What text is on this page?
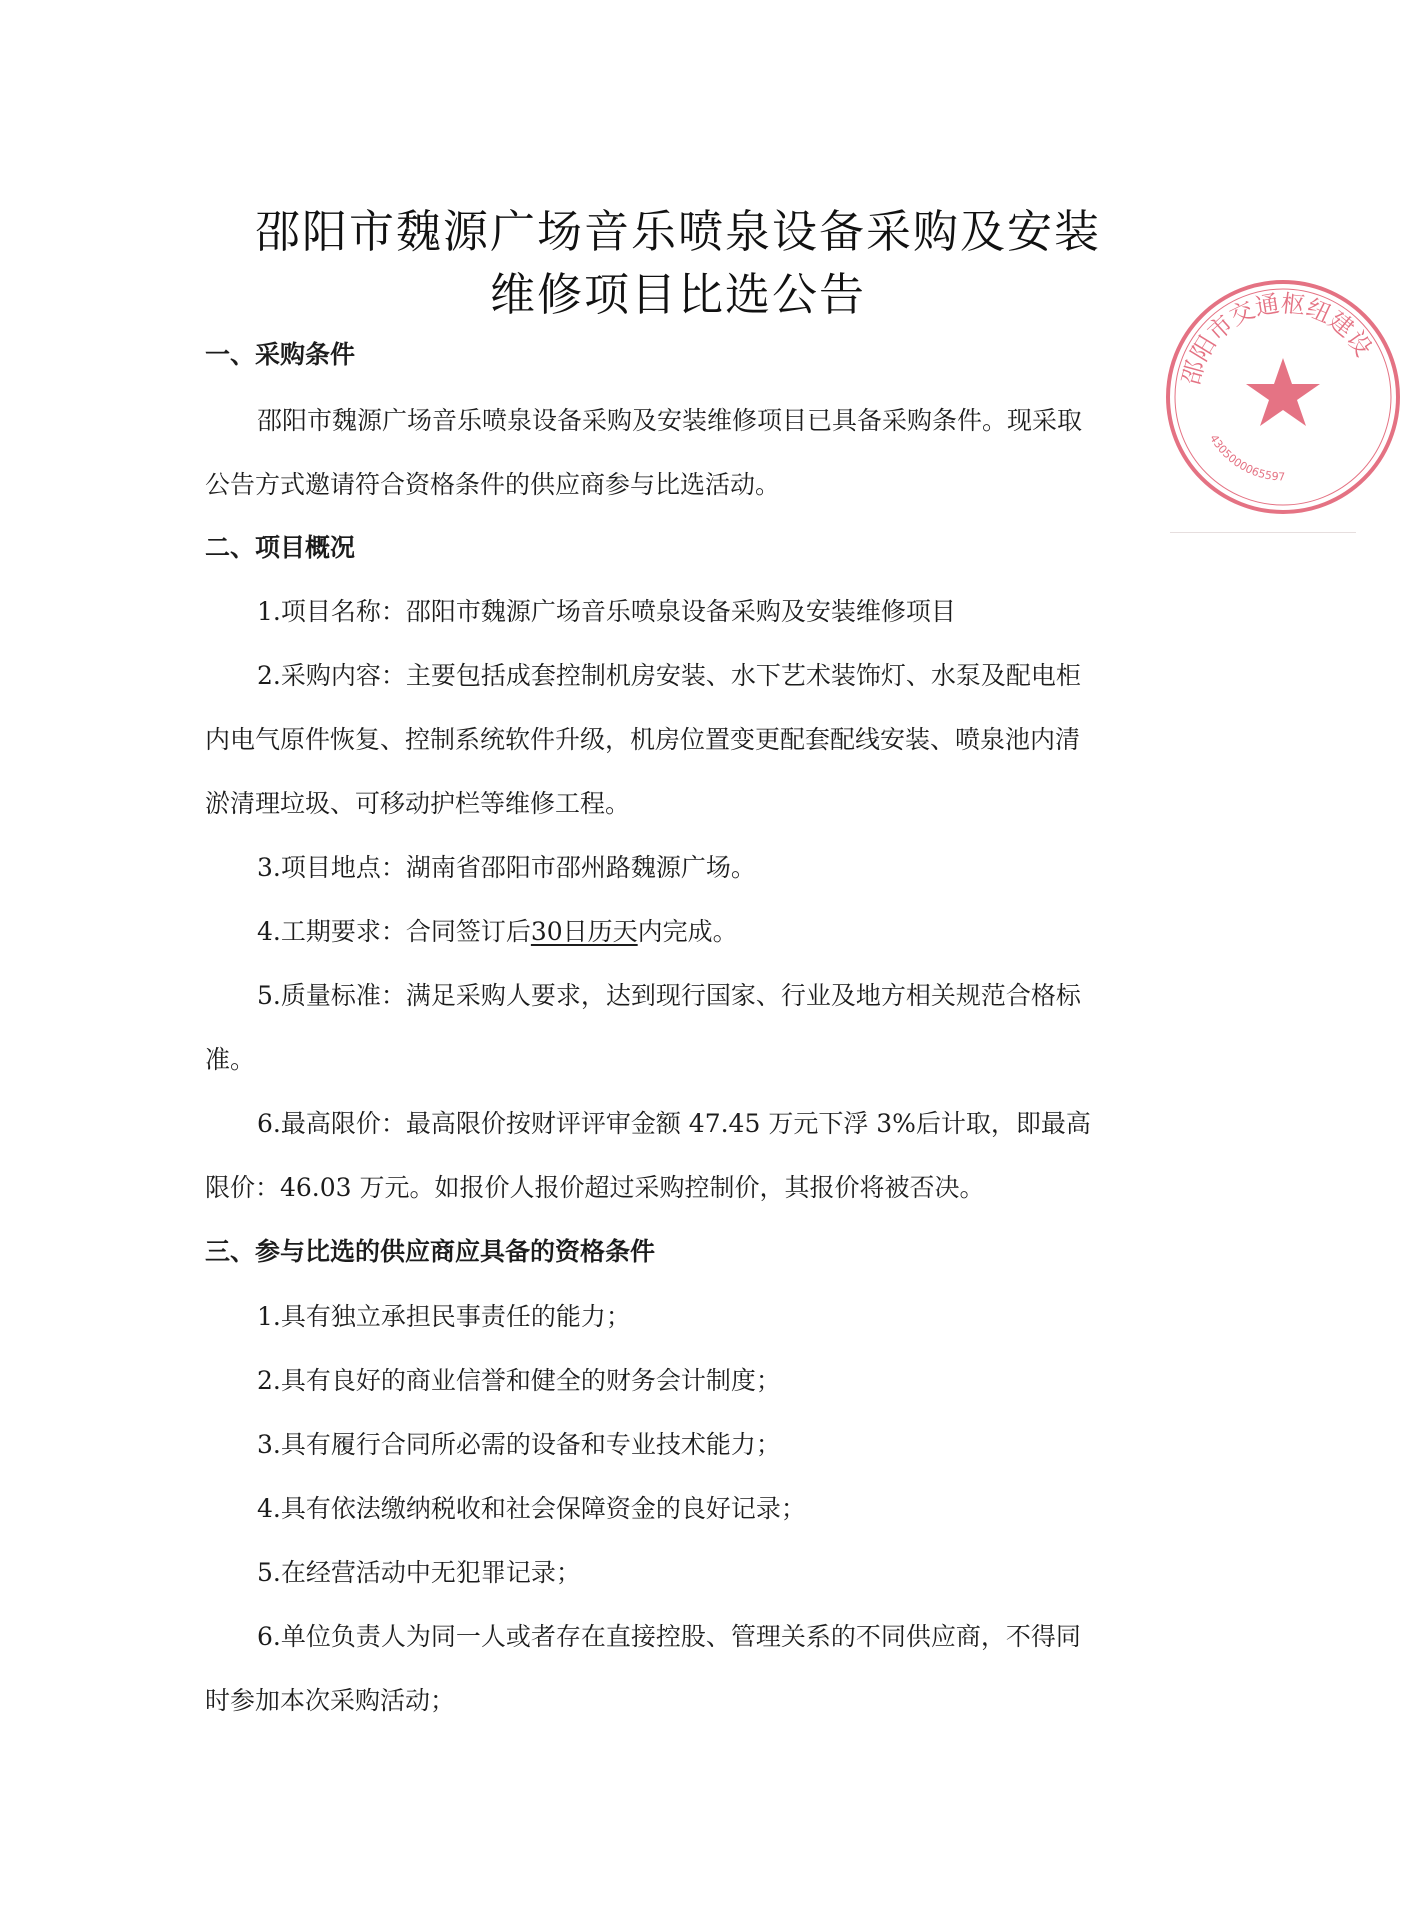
邵阳市魏源广场音乐喷泉设备采购及安装
维修项目比选公告
一、采购条件
邵阳市魏源广场音乐喷泉设备采购及安装维修项目已具备采购条件。现采取
公告方式邀请符合资格条件的供应商参与比选活动。
二、项目概况
1.项目名称：邵阳市魏源广场音乐喷泉设备采购及安装维修项目
2.采购内容：主要包括成套控制机房安装、水下艺术装饰灯、水泵及配电柜
内电气原件恢复、控制系统软件升级，机房位置变更配套配线安装、喷泉池内清
淤清理垃圾、可移动护栏等维修工程。
3.项目地点：湖南省邵阳市邵州路魏源广场。
4.工期要求：合同签订后30日历天内完成。
5.质量标准：满足采购人要求，达到现行国家、行业及地方相关规范合格标
准。
6.最高限价：最高限价按财评评审金额 47.45 万元下浮 3%后计取，即最高
限价：46.03 万元。如报价人报价超过采购控制价，其报价将被否决。
三、参与比选的供应商应具备的资格条件
1.具有独立承担民事责任的能力；
2.具有良好的商业信誉和健全的财务会计制度；
3.具有履行合同所必需的设备和专业技术能力；
4.具有依法缴纳税收和社会保障资金的良好记录；
5.在经营活动中无犯罪记录；
6.单位负责人为同一人或者存在直接控股、管理关系的不同供应商，不得同
时参加本次采购活动；
邵阳市交通枢纽建设
4305000065597
